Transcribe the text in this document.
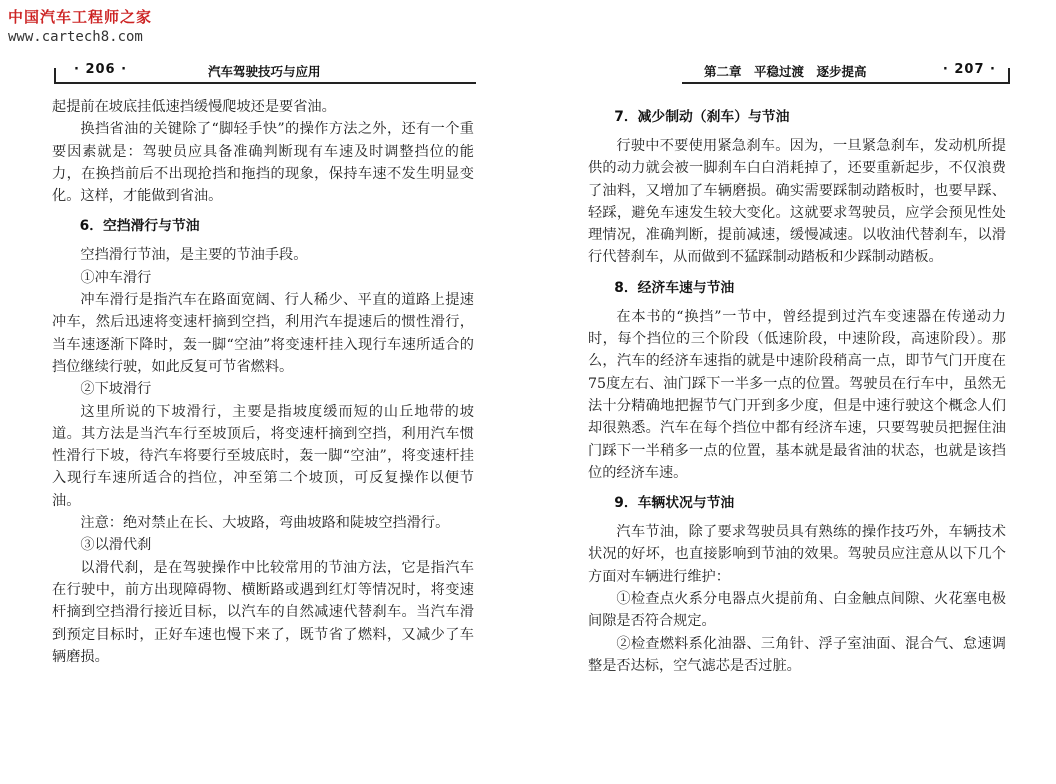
中国汽车工程师之家
www.cartech8.com
· 206 ·	汽车驾驶技巧与应用

起提前在坡底挂低速挡缓慢爬坡还是要省油。

换挡省油的关键除了“脚轻手快”的操作方法之外，还有一个重要因素就是：驾驶员应具备准确判断现有车速及时调整挡位的能力，在换挡前后不出现抢挡和拖挡的现象，保持车速不发生明显变化。这样，才能做到省油。

6．空挡滑行与节油

空挡滑行节油，是主要的节油手段。

①冲车滑行

冲车滑行是指汽车在路面宽阔、行人稀少、平直的道路上提速冲车，然后迅速将变速杆摘到空挡，利用汽车提速后的惯性滑行，当车速逐渐下降时，轰一脚“空油”将变速杆挂入现行车速所适合的挡位继续行驶，如此反复可节省燃料。

②下坡滑行

这里所说的下坡滑行，主要是指坡度缓而短的山丘地带的坡道。其方法是当汽车行至坡顶后，将变速杆摘到空挡，利用汽车惯性滑行下坡，待汽车将要行至坡底时，轰一脚“空油”，将变速杆挂入现行车速所适合的挡位，冲至第二个坡顶，可反复操作以便节油。

注意：绝对禁止在长、大坡路，弯曲坡路和陡坡空挡滑行。

③以滑代刹

以滑代刹，是在驾驶操作中比较常用的节油方法，它是指汽车在行驶中，前方出现障碍物、横断路或遇到红灯等情况时，将变速杆摘到空挡滑行接近目标，以汽车的自然减速代替刹车。当汽车滑到预定目标时，正好车速也慢下来了，既节省了燃料，又减少了车辆磨损。

第二章　平稳过渡　逐步提高	· 207 ·
7．减少制动（刹车）与节油

行驶中不要使用紧急刹车。因为，一旦紧急刹车，发动机所提供的动力就会被一脚刹车白白消耗掉了，还要重新起步，不仅浪费了油料，又增加了车辆磨损。确实需要踩制动踏板时，也要早踩、轻踩，避免车速发生较大变化。这就要求驾驶员，应学会预见性处理情况，准确判断，提前减速，缓慢减速。以收油代替刹车，以滑行代替刹车，从而做到不猛踩制动踏板和少踩制动踏板。

8．经济车速与节油

在本书的“换挡”一节中，曾经提到过汽车变速器在传递动力时，每个挡位的三个阶段（低速阶段，中速阶段，高速阶段）。那么，汽车的经济车速指的就是中速阶段稍高一点，即节气门开度在75度左右、油门踩下一半多一点的位置。驾驶员在行车中，虽然无法十分精确地把握节气门开到多少度，但是中速行驶这个概念人们却很熟悉。汽车在每个挡位中都有经济车速，只要驾驶员把握住油门踩下一半稍多一点的位置，基本就是最省油的状态，也就是该挡位的经济车速。

9．车辆状况与节油

汽车节油，除了要求驾驶员具有熟练的操作技巧外，车辆技术状况的好坏，也直接影响到节油的效果。驾驶员应注意从以下几个方面对车辆进行维护：

①检查点火系分电器点火提前角、白金触点间隙、火花塞电极间隙是否符合规定。

②检查燃料系化油器、三角针、浮子室油面、混合气、怠速调整是否达标，空气滤芯是否过脏。
